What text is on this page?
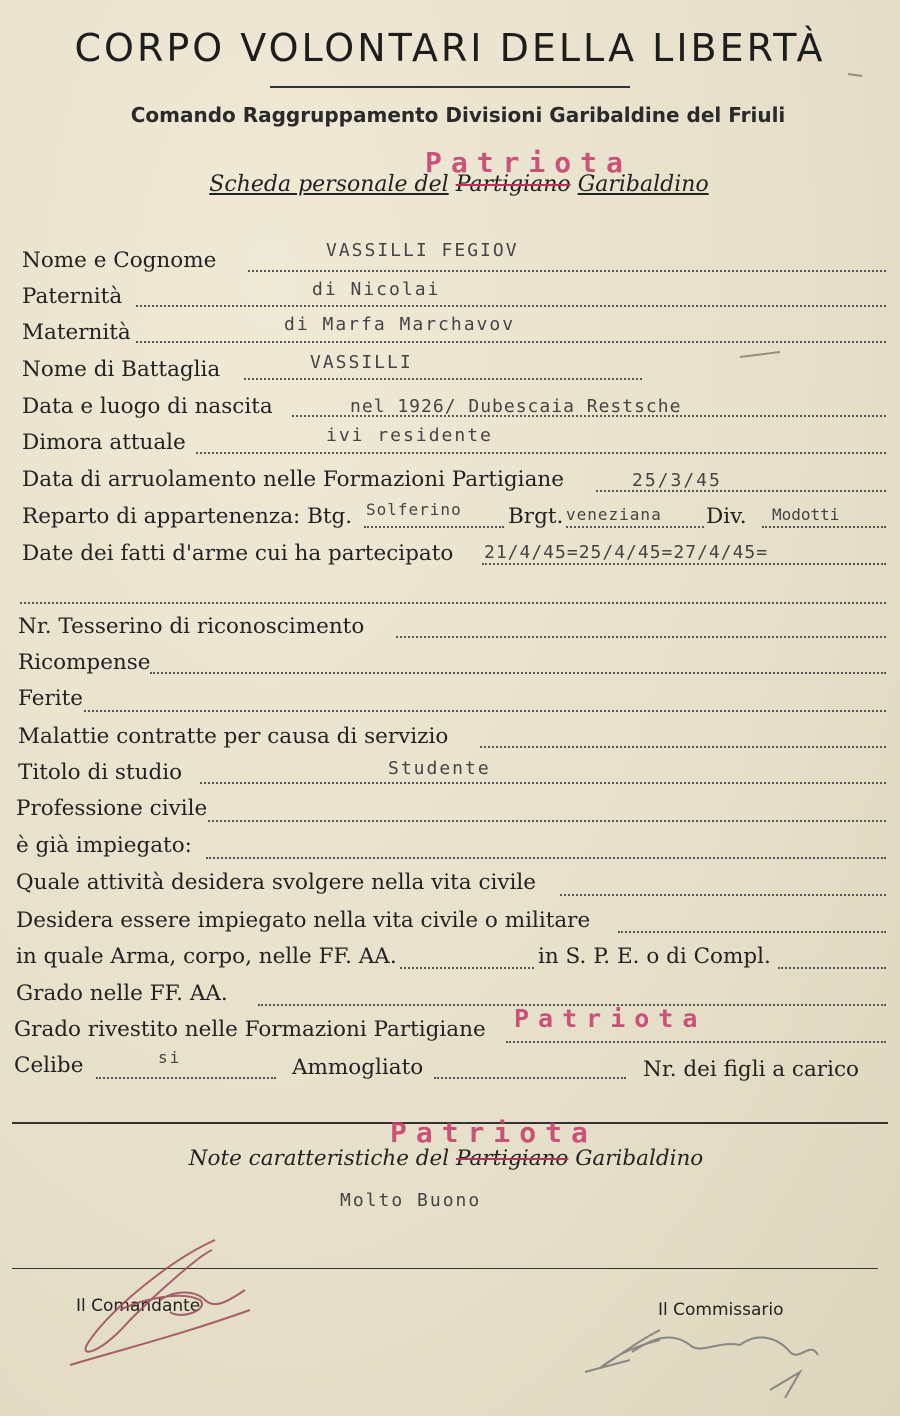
CORPO VOLONTARI DELLA LIBERTÀ
Comando Raggruppamento Divisioni Garibaldine del Friuli
Patriota
Scheda personale del Partigiano Garibaldino
Nome e Cognome	VASSILLI FEGIOV
Paternità	di Nicolai
Maternità	di Marfa Marchavov
Nome di Battaglia	VASSILLI
Data e luogo di nascita	nel 1926/ Dubescaia Restsche
Dimora attuale	ivi residente
Data di arruolamento nelle Formazioni Partigiane	25/3/45
Reparto di appartenenza: Btg. Solferino Brgt. veneziana Div. Modotti
Date dei fatti d'arme cui ha partecipato 21/4/45=25/4/45=27/4/45=
Nr. Tesserino di riconoscimento
Ricompense
Ferite
Malattie contratte per causa di servizio
Titolo di studio	Studente
Professione civile
è già impiegato:
Quale attività desidera svolgere nella vita civile
Desidera essere impiegato nella vita civile o militare
in quale Arma, corpo, nelle FF. AA.	in S. P. E. o di Compl.
Grado nelle FF. AA.
Grado rivestito nelle Formazioni Partigiane Patriota
Celibe	si	Ammogliato	Nr. dei figli a carico
Patriota
Note caratteristiche del Partigiano Garibaldino
Molto Buono
Il Comandante	Il Commissario
